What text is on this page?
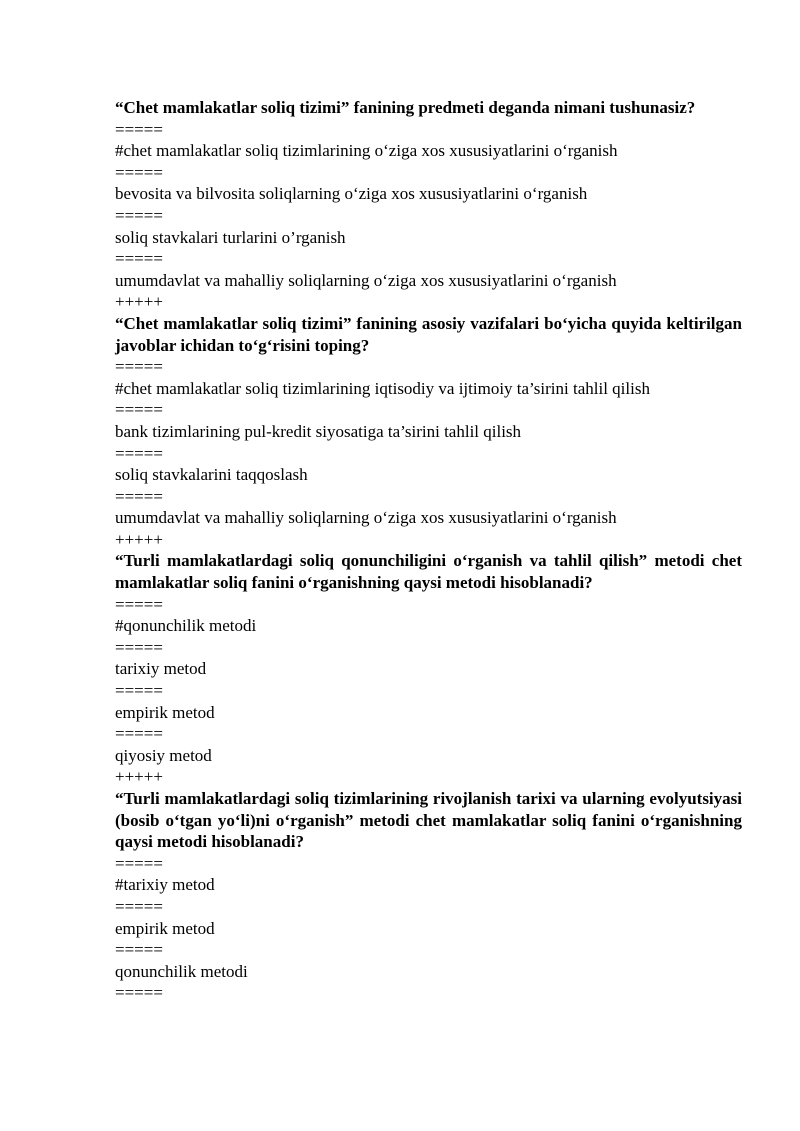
“Chet mamlakatlar soliq tizimi” fanining predmeti deganda nimani tushunasiz?
=====
#chet mamlakatlar soliq tizimlarining o‘ziga xos xususiyatlarini o‘rganish
=====
bevosita va bilvosita soliqlarning o‘ziga xos xususiyatlarini o‘rganish
=====
soliq stavkalari turlarini o’rganish
=====
umumdavlat va mahalliy soliqlarning o‘ziga xos xususiyatlarini o‘rganish
+++++
“Chet mamlakatlar soliq tizimi” fanining asosiy vazifalari bo‘yicha quyida keltirilgan javoblar ichidan to‘g‘risini toping?
=====
#chet mamlakatlar soliq tizimlarining iqtisodiy va ijtimoiy ta’sirini tahlil qilish
=====
bank tizimlarining pul-kredit siyosatiga ta’sirini tahlil qilish
=====
soliq stavkalarini taqqoslash
=====
umumdavlat va mahalliy soliqlarning o‘ziga xos xususiyatlarini o‘rganish
+++++
“Turli mamlakatlardagi soliq qonunchiligini o‘rganish va tahlil qilish” metodi chet mamlakatlar soliq fanini o‘rganishning qaysi metodi hisoblanadi?
=====
#qonunchilik metodi
=====
tarixiy metod
=====
empirik metod
=====
qiyosiy metod
+++++
“Turli mamlakatlardagi soliq tizimlarining rivojlanish tarixi va ularning evolyutsiyasi (bosib o‘tgan yo‘li)ni o‘rganish” metodi chet mamlakatlar soliq fanini o‘rganishning qaysi metodi hisoblanadi?
=====
#tarixiy metod
=====
empirik metod
=====
qonunchilik metodi
=====
